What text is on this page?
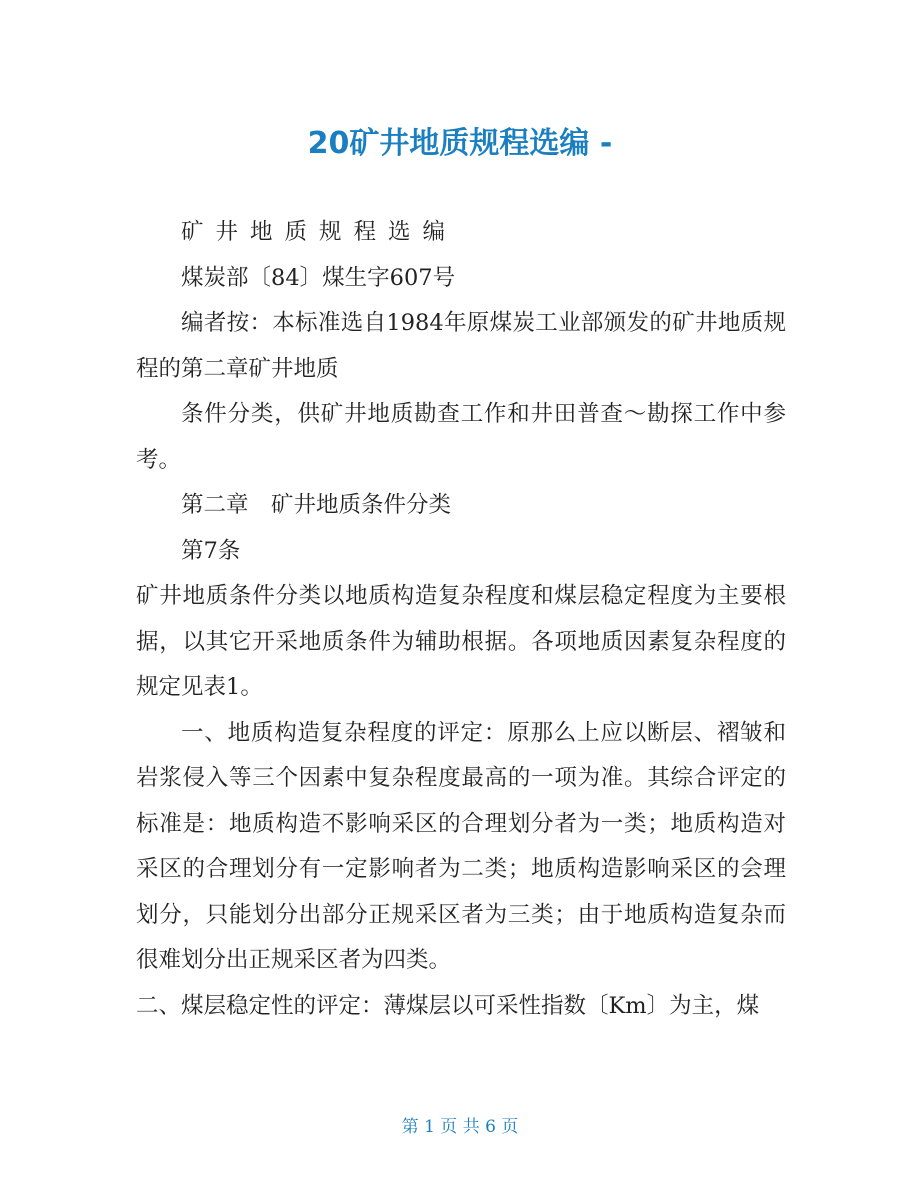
20矿井地质规程选编 -

矿井地质规程选编

煤炭部〔84〕煤生字607号

编者按：本标准选自1984年原煤炭工业部颁发的矿井地质规程的第二章矿井地质

条件分类，供矿井地质勘查工作和井田普查～勘探工作中参考。

第二章　矿井地质条件分类

第7条

矿井地质条件分类以地质构造复杂程度和煤层稳定程度为主要根据，以其它开采地质条件为辅助根据。各项地质因素复杂程度的规定见表1。

一、地质构造复杂程度的评定：原那么上应以断层、褶皱和岩浆侵入等三个因素中复杂程度最高的一项为准。其综合评定的标准是：地质构造不影响采区的合理划分者为一类；地质构造对采区的合理划分有一定影响者为二类；地质构造影响采区的会理划分，只能划分出部分正规采区者为三类；由于地质构造复杂而很难划分出正规采区者为四类。

二、煤层稳定性的评定：薄煤层以可采性指数〔Km〕为主，煤

第 1 页 共 6 页
